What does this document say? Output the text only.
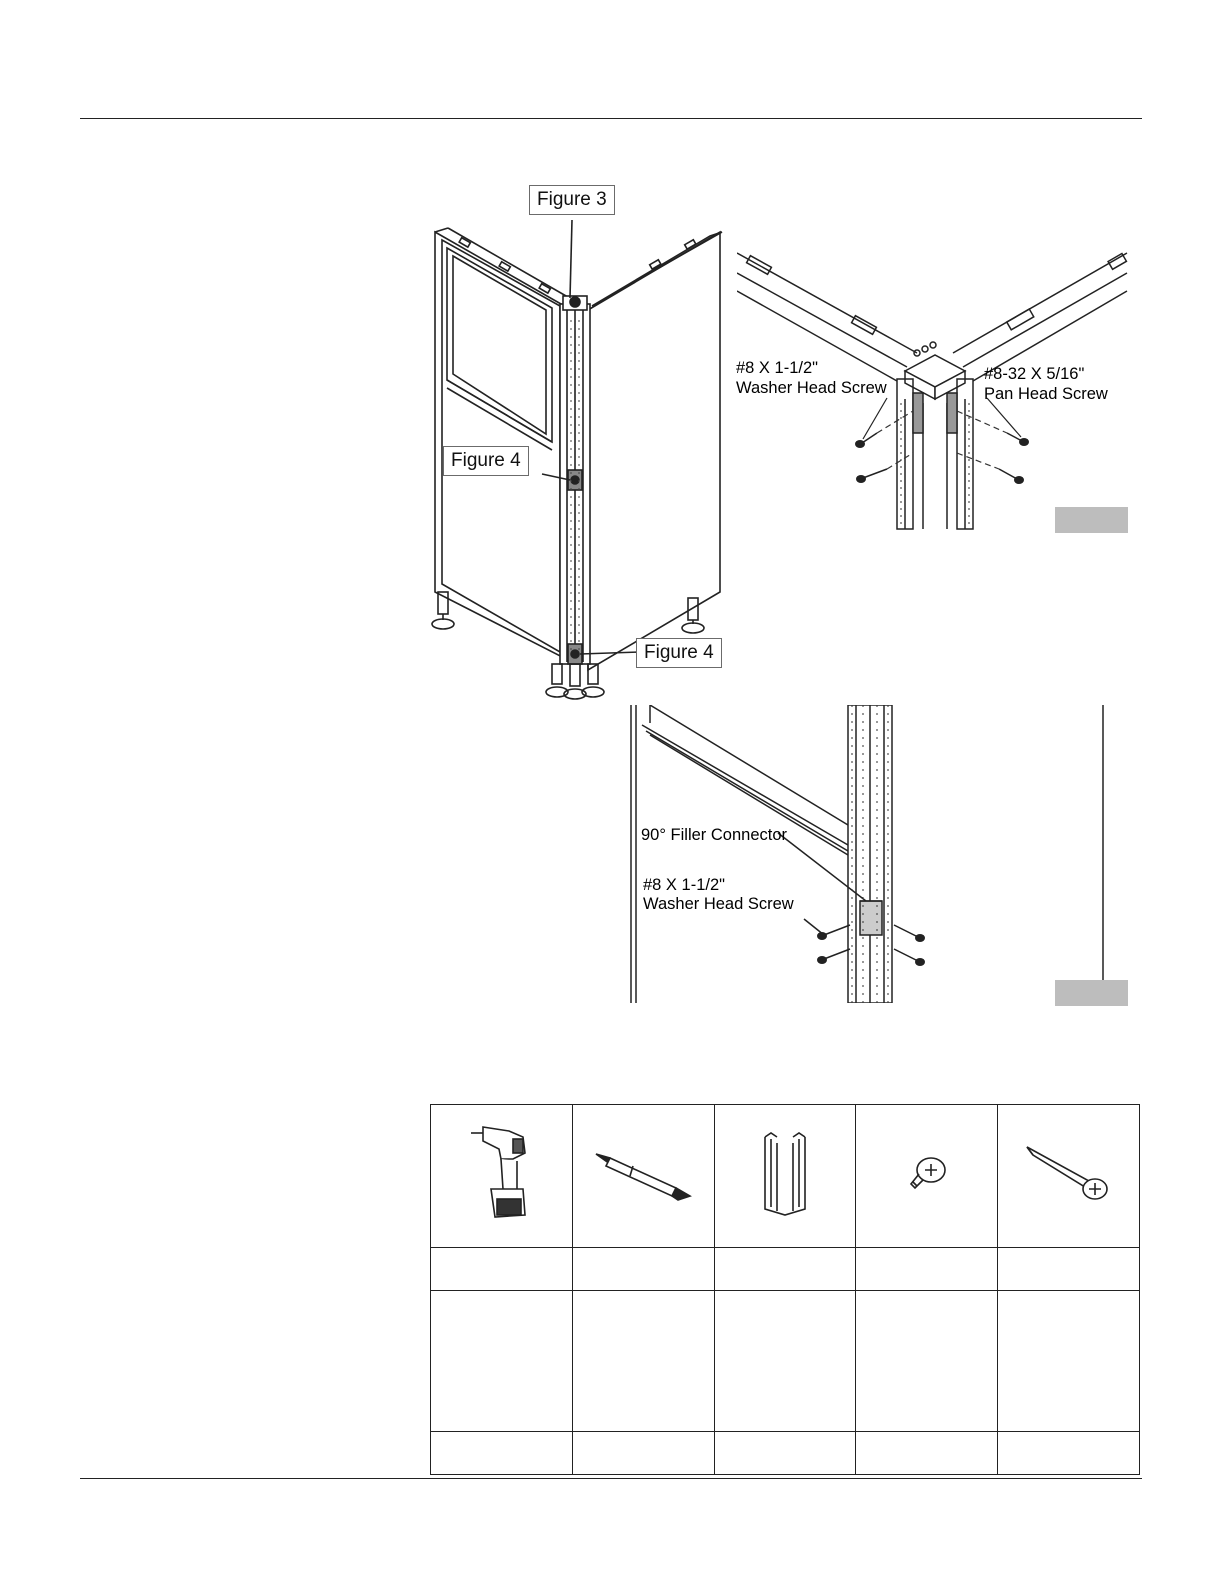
Figure 3
Figure 4
Figure 4
#8 X 1-1/2"
Washer Head Screw
#8-32 X 5/16"
Pan Head Screw
90° Filler Connector
#8 X 1-1/2"
Washer Head Screw
